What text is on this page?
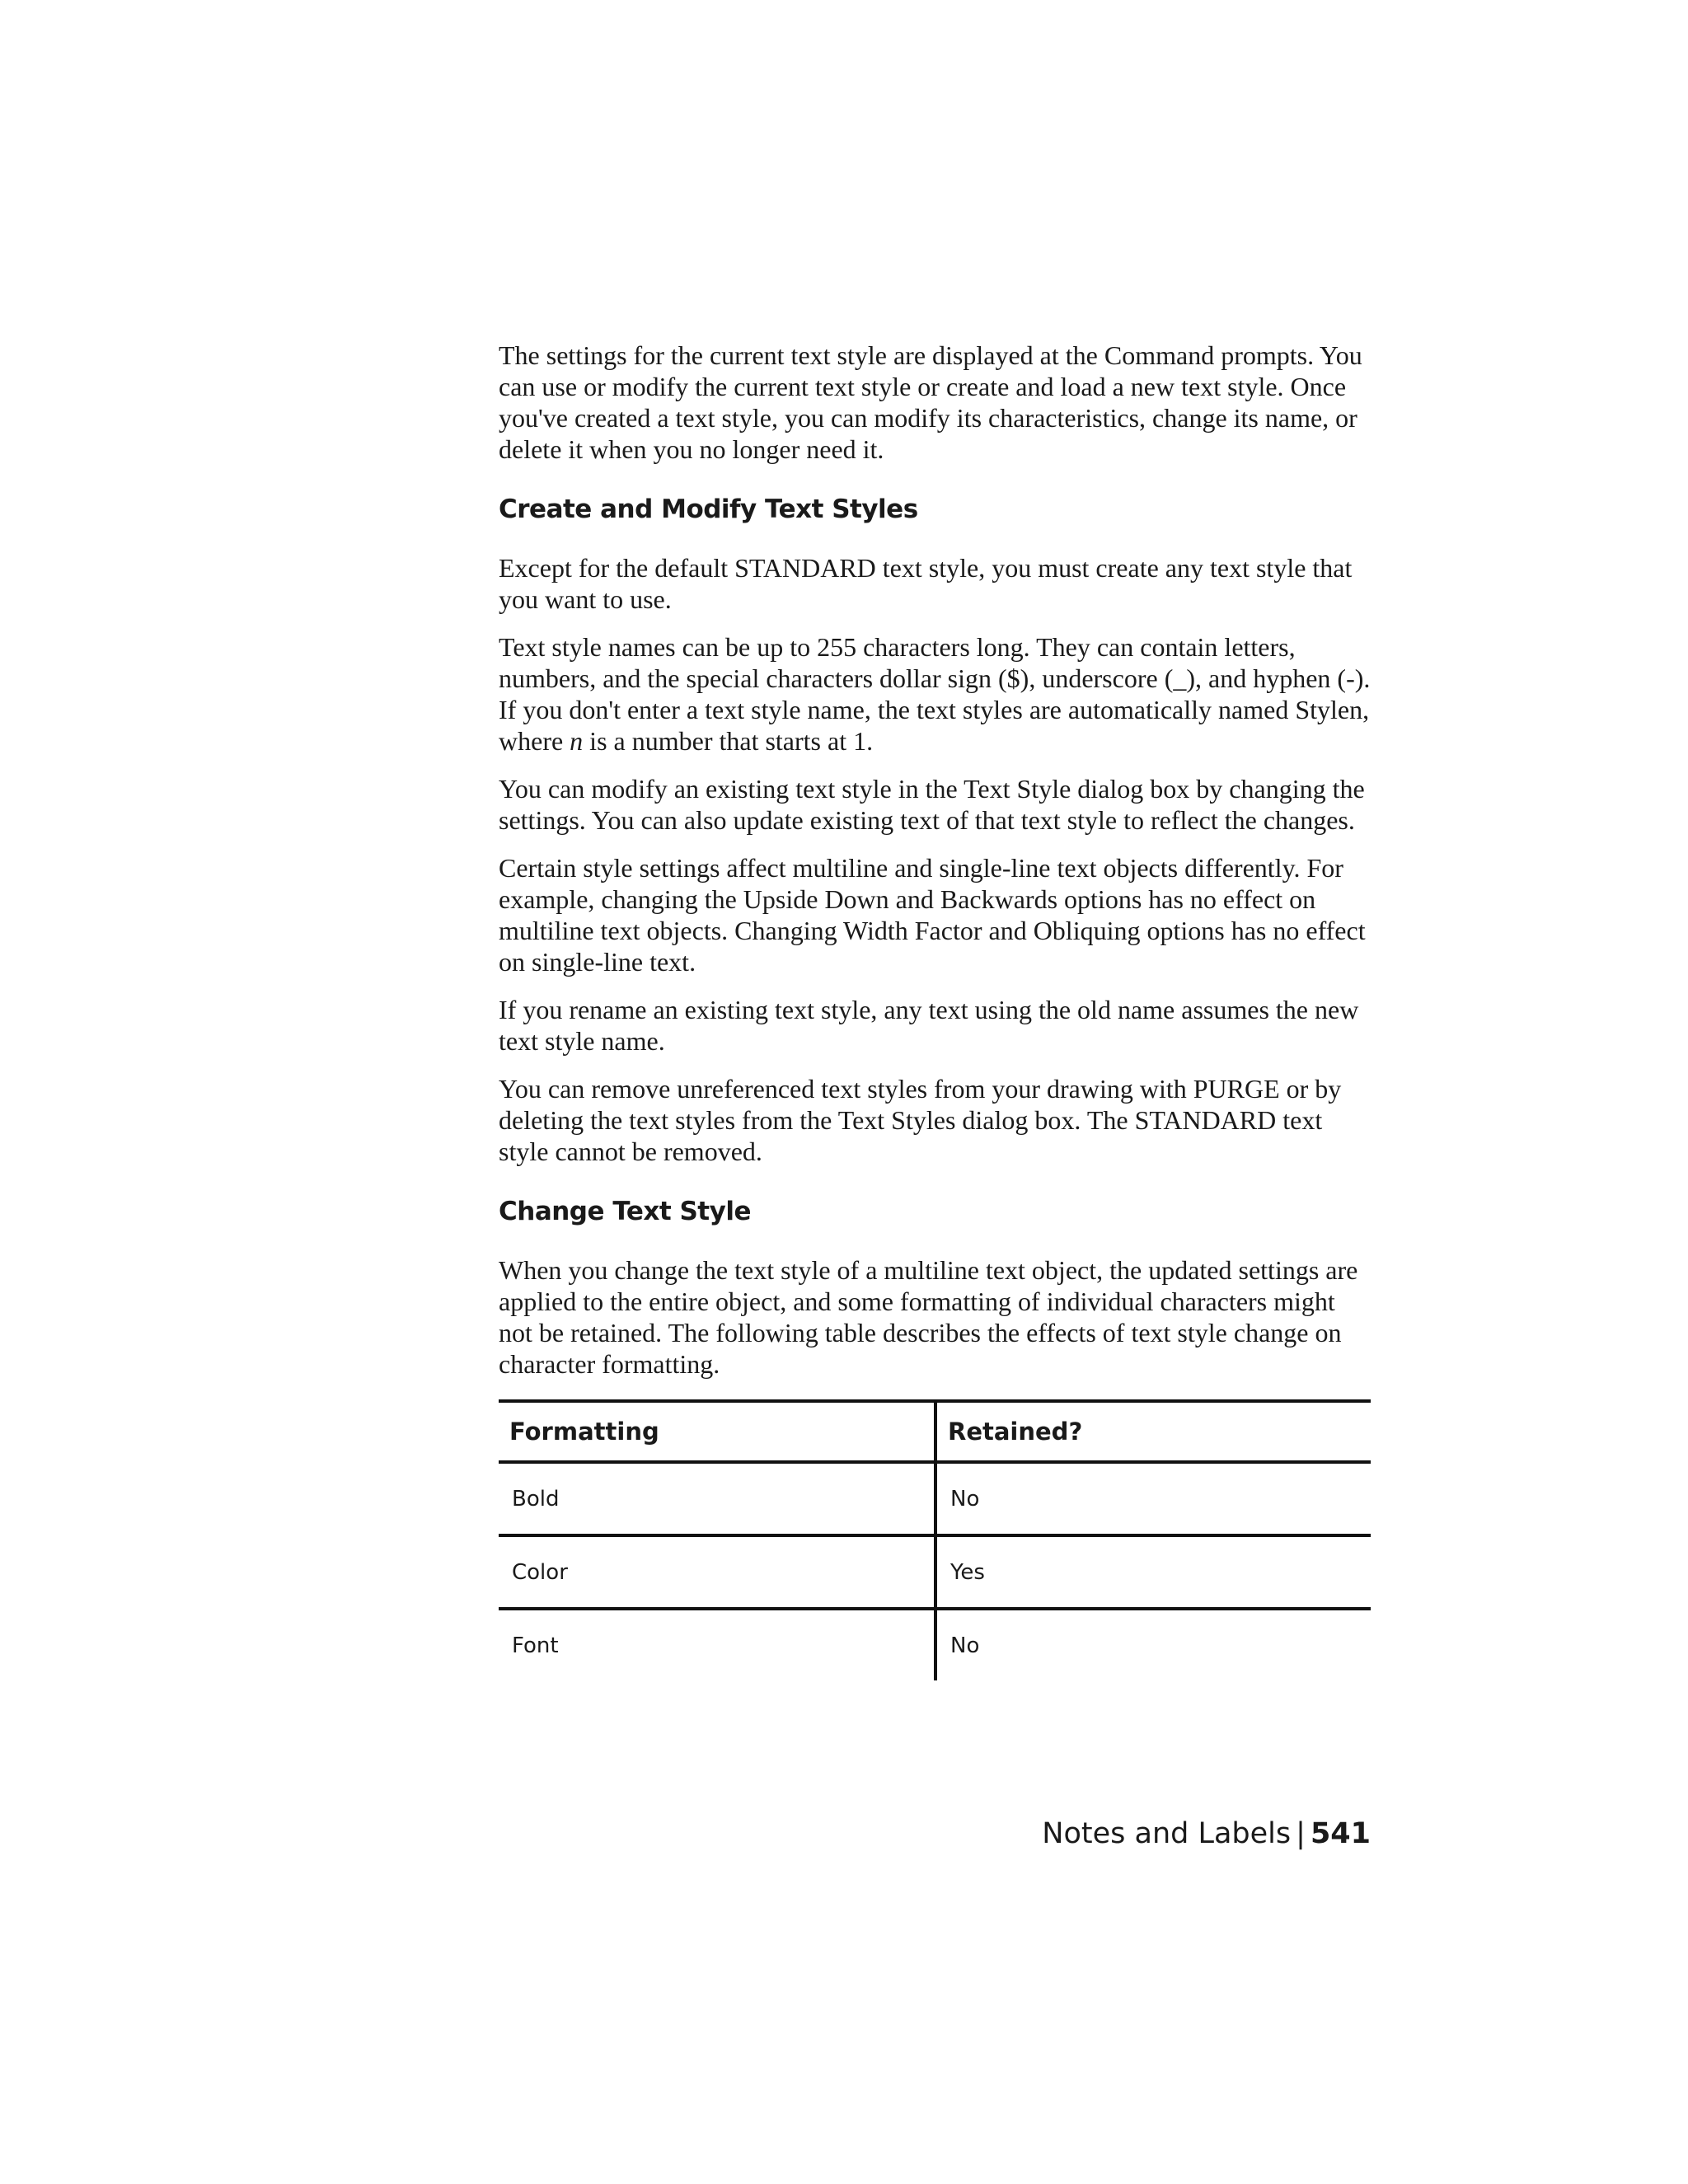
The settings for the current text style are displayed at the Command prompts. You can use or modify the current text style or create and load a new text style. Once you've created a text style, you can modify its characteristics, change its name, or delete it when you no longer need it.

Create and Modify Text Styles

Except for the default STANDARD text style, you must create any text style that you want to use.

Text style names can be up to 255 characters long. They can contain letters, numbers, and the special characters dollar sign ($), underscore (_), and hyphen (-). If you don't enter a text style name, the text styles are automatically named Stylen, where n is a number that starts at 1.

You can modify an existing text style in the Text Style dialog box by changing the settings. You can also update existing text of that text style to reflect the changes.

Certain style settings affect multiline and single-line text objects differently. For example, changing the Upside Down and Backwards options has no effect on multiline text objects. Changing Width Factor and Obliquing options has no effect on single-line text.

If you rename an existing text style, any text using the old name assumes the new text style name.

You can remove unreferenced text styles from your drawing with PURGE or by deleting the text styles from the Text Styles dialog box. The STANDARD text style cannot be removed.

Change Text Style

When you change the text style of a multiline text object, the updated settings are applied to the entire object, and some formatting of individual characters might not be retained. The following table describes the effects of text style change on character formatting.

Formatting	Retained?
Bold	No
Color	Yes
Font	No
Notes and Labels | 541
